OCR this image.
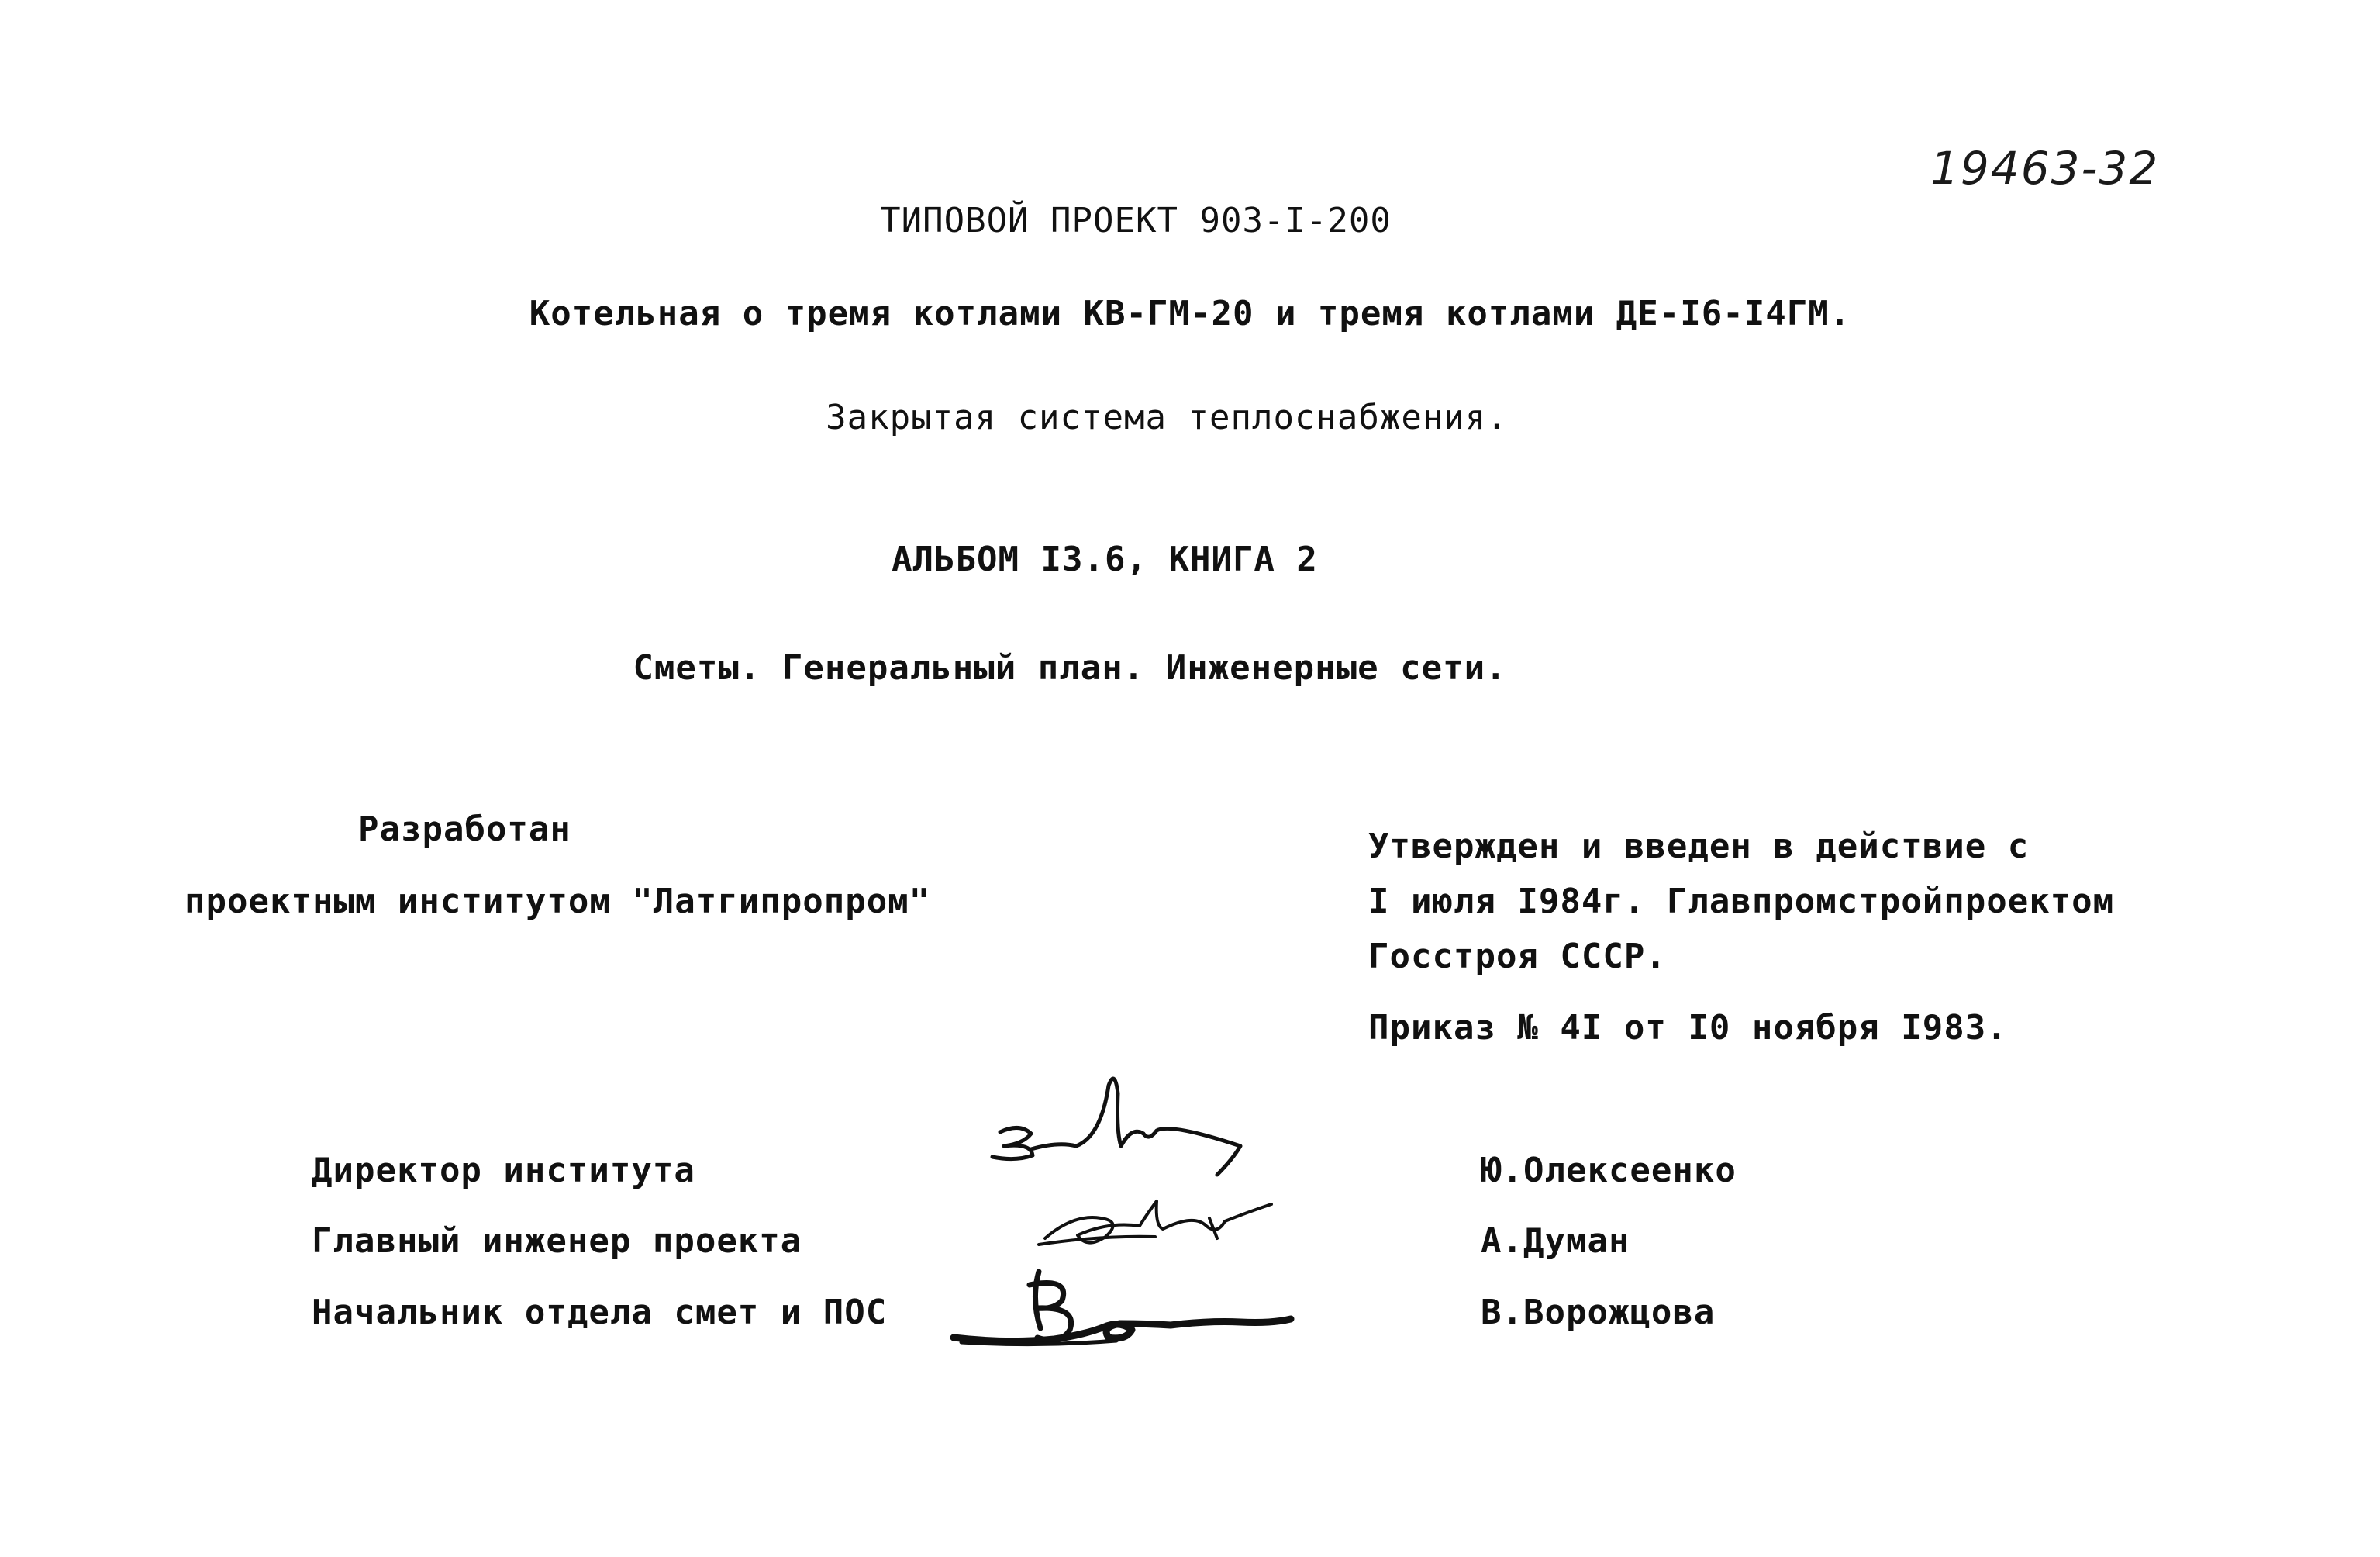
19463-32
ТИПОВОЙ ПРОЕКТ 903-I-200
Котельная о тремя котлами КВ-ГМ-20 и тремя котлами ДЕ-I6-I4ГМ.
Закрытая система теплоснабжения.
АЛЬБОМ I3.6, КНИГА 2
Сметы. Генеральный план. Инженерные сети.
Разработан
проектным институтом "Латгипропром"
Утвержден и введен в действие с
I июля I984г. Главпромстройпроектом
Госстроя СССР.
Приказ № 4I от I0 ноября I983.
Директор института
Главный инженер проекта
Начальник отдела смет и ПОС
Ю.Олексеенко
А.Думан
В.Ворожцова
